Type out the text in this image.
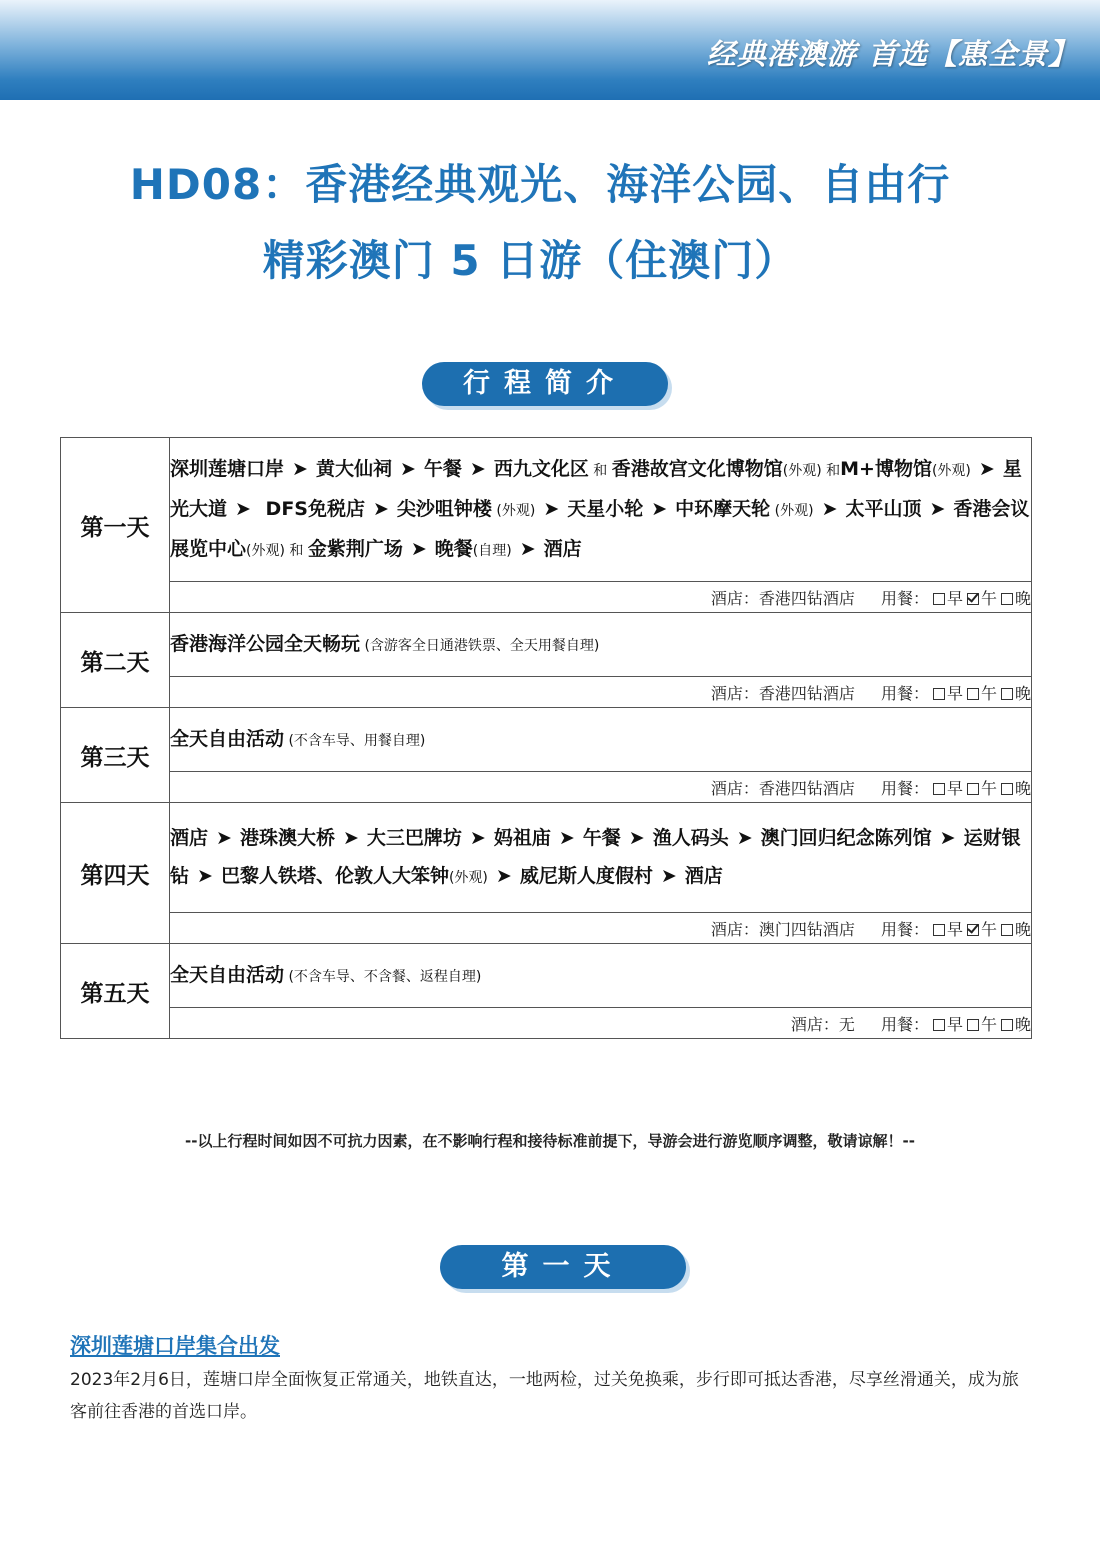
经典港澳游 首选【惠全景】
HD08：香港经典观光、海洋公园、自由行
精彩澳门 5 日游（住澳门）
行程简介
第一天	深圳莲塘口岸 ➤ 黄大仙祠 ➤ 午餐 ➤ 西九文化区 和 香港故宫文化博物馆(外观) 和M+博物馆(外观) ➤ 星光大道 ➤ DFS免税店 ➤ 尖沙咀钟楼 (外观) ➤ 天星小轮 ➤ 中环摩天轮 (外观) ➤ 太平山顶 ➤ 香港会议展览中心(外观) 和 金紫荆广场 ➤ 晚餐(自理) ➤ 酒店
	酒店：香港四钻酒店 用餐： 早 午 晚
第二天	香港海洋公园全天畅玩 (含游客全日通港铁票、全天用餐自理)
	酒店：香港四钻酒店 用餐： 早 午 晚
第三天	全天自由活动 (不含车导、用餐自理)
	酒店：香港四钻酒店 用餐： 早 午 晚
第四天	酒店 ➤ 港珠澳大桥 ➤ 大三巴牌坊 ➤ 妈祖庙 ➤ 午餐 ➤ 渔人码头 ➤ 澳门回归纪念陈列馆 ➤ 运财银钻 ➤ 巴黎人铁塔、伦敦人大笨钟(外观) ➤ 威尼斯人度假村 ➤ 酒店
	酒店：澳门四钻酒店 用餐： 早 午 晚
第五天	全天自由活动 (不含车导、不含餐、返程自理)
	酒店：无 用餐： 早 午 晚
--以上行程时间如因不可抗力因素，在不影响行程和接待标准前提下，导游会进行游览顺序调整，敬请谅解！--
第一天
深圳莲塘口岸集合出发
2023年2月6日，莲塘口岸全面恢复正常通关，地铁直达，一地两检，过关免换乘，步行即可抵达香港，尽享丝滑通关，成为旅客前往香港的首选口岸。
